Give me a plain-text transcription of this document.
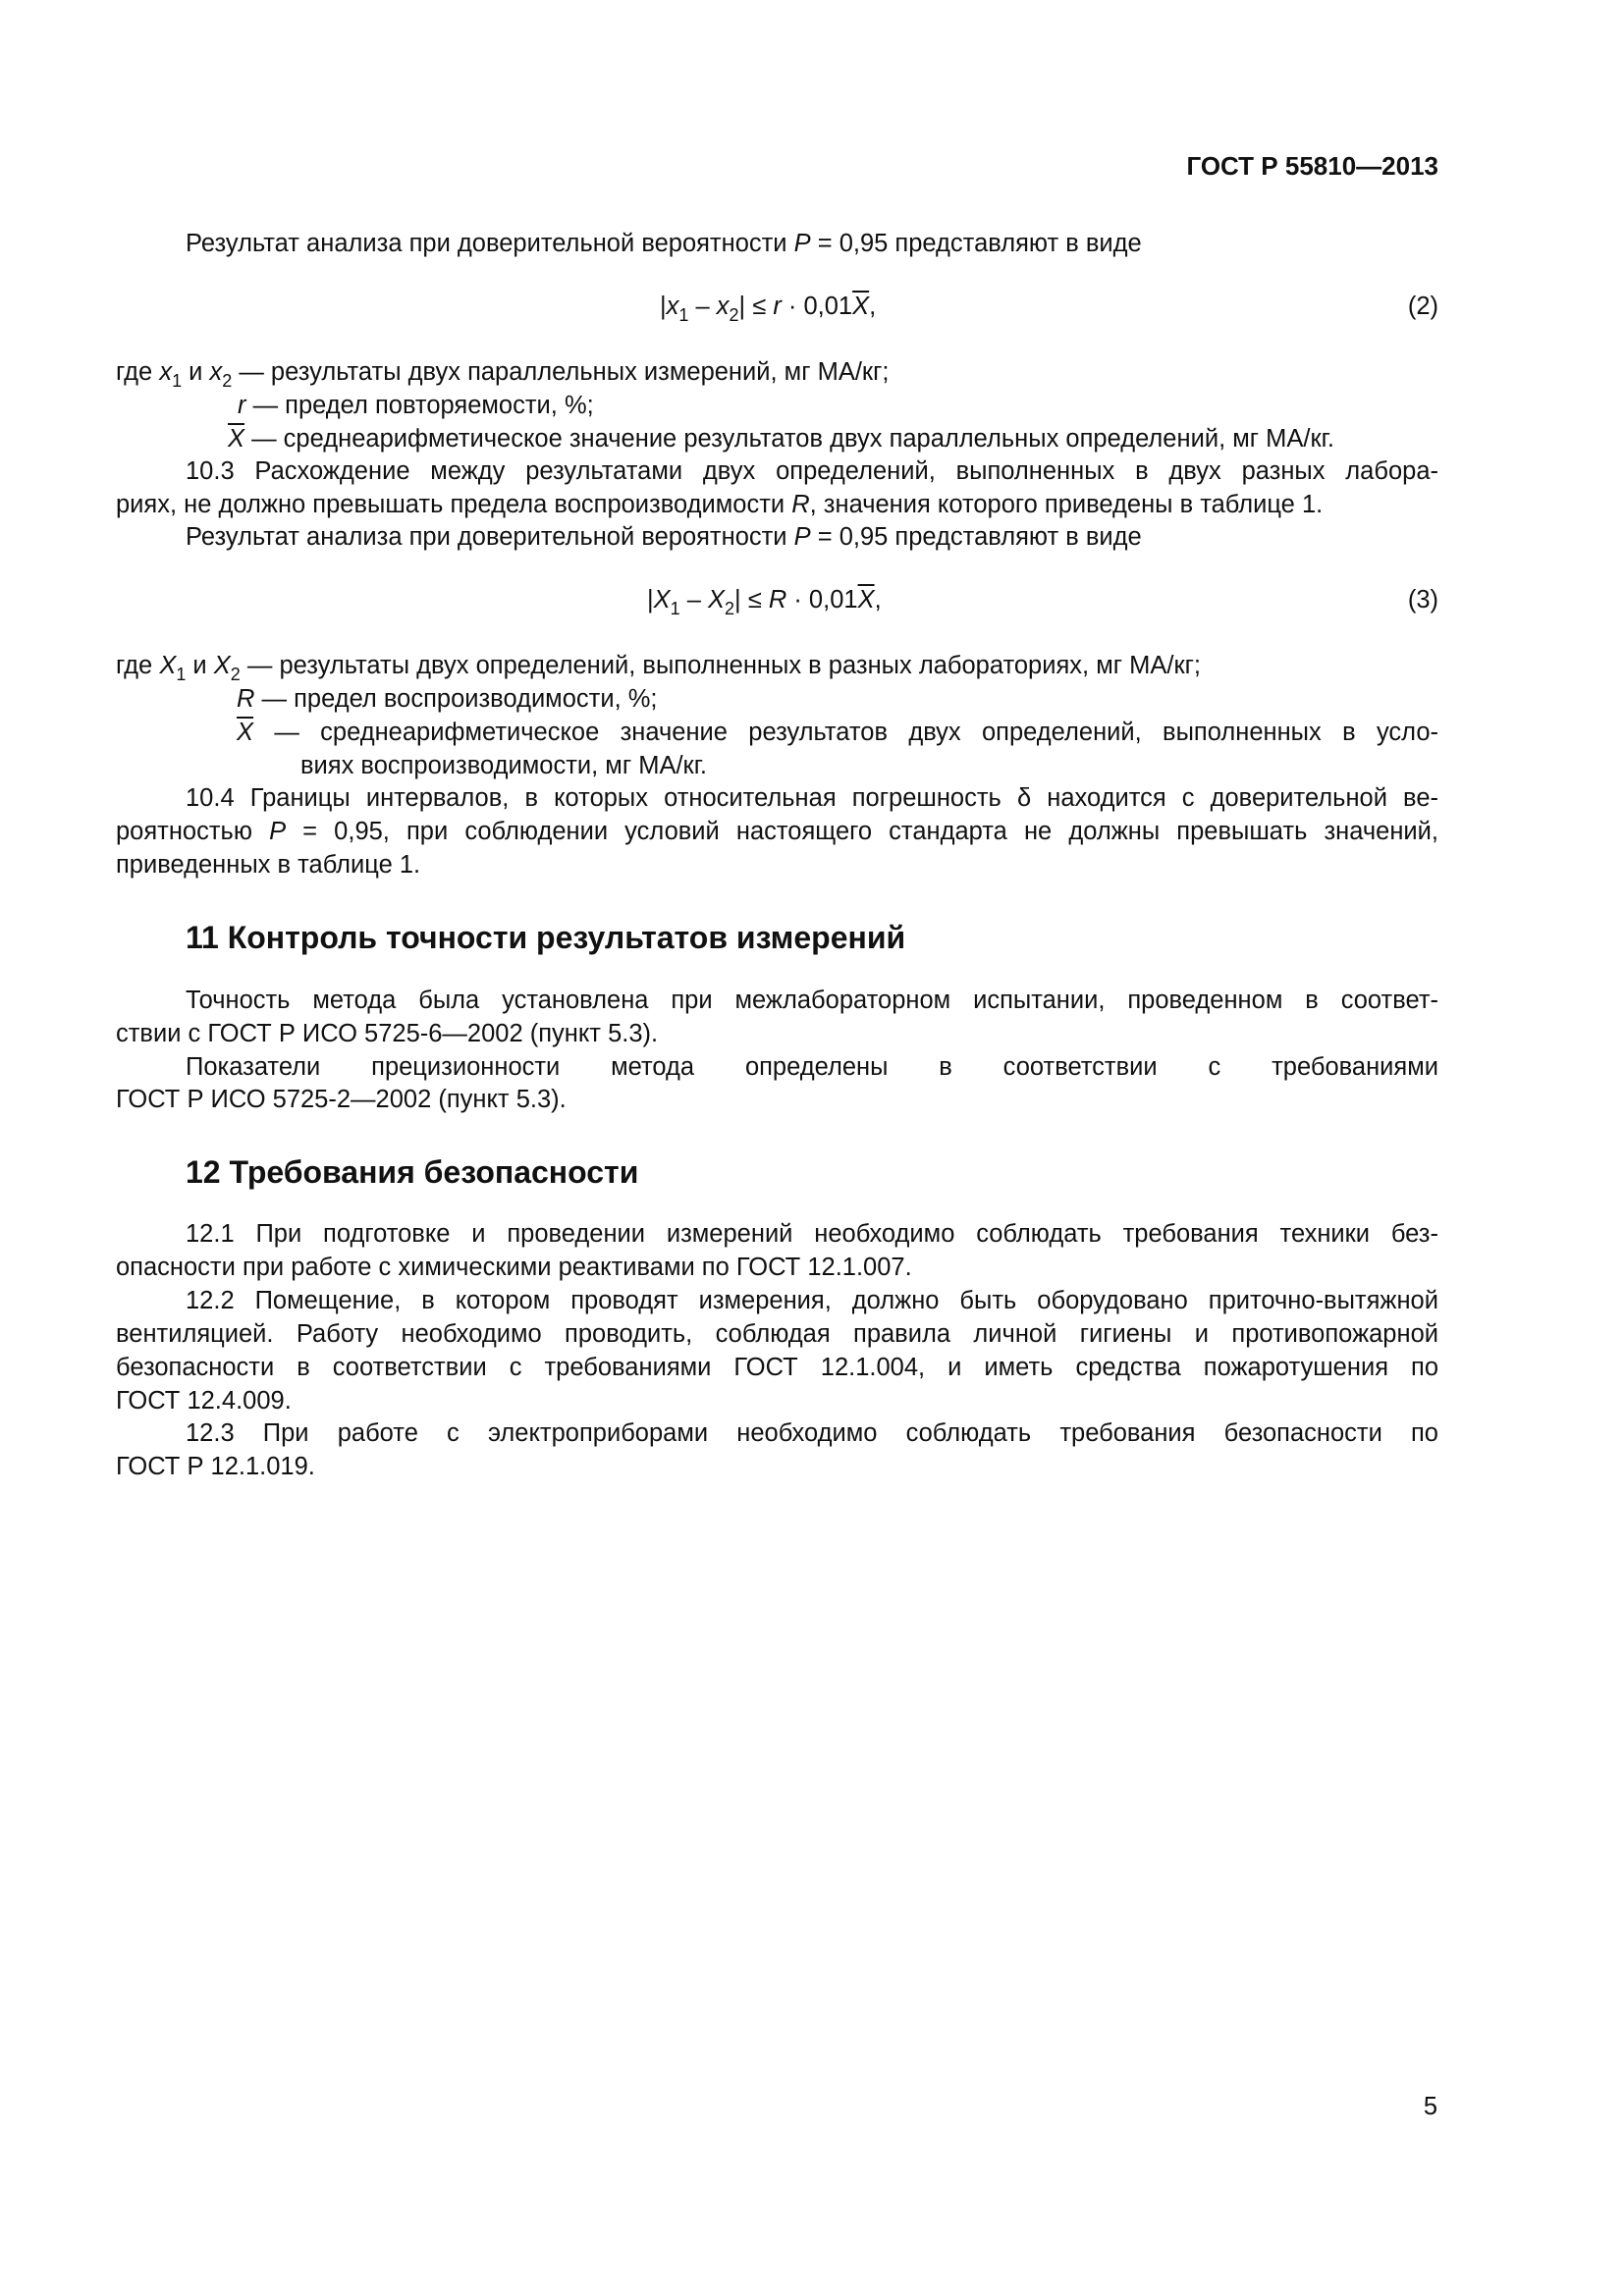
ГОСТ Р 55810—2013
Результат анализа при доверительной вероятности P = 0,95 представляют в виде
$|x_1 - x_2| \le r \cdot 0,01\overline{X}$,	(2)
где $x_1$ и $x_2$ — результаты двух параллельных измерений, мг МА/кг;
r — предел повторяемости, %;
$\overline{X}$ — среднеарифметическое значение результатов двух параллельных определений, мг МА/кг.
10.3 Расхождение между результатами двух определений, выполненных в двух разных лабора-
риях, не должно превышать предела воспроизводимости R, значения которого приведены в таблице 1.
Результат анализа при доверительной вероятности P = 0,95 представляют в виде
$|X_1 - X_2| \le R \cdot 0,01\overline{X}$,	(3)
где $X_1$ и $X_2$ — результаты двух определений, выполненных в разных лабораториях, мг МА/кг;
R — предел воспроизводимости, %;
$\overline{X}$ — среднеарифметическое значение результатов двух определений, выполненных в усло-
виях воспроизводимости, мг МА/кг.
10.4 Границы интервалов, в которых относительная погрешность δ находится с доверительной ве-
роятностью P = 0,95, при соблюдении условий настоящего стандарта не должны превышать значений,
приведенных в таблице 1.
11 Контроль точности результатов измерений
Точность метода была установлена при межлабораторном испытании, проведенном в соответ-
ствии с ГОСТ Р ИСО 5725-6—2002 (пункт 5.3).
Показатели прецизионности метода определены в соответствии с требованиями
ГОСТ Р ИСО 5725-2—2002 (пункт 5.3).
12 Требования безопасности
12.1 При подготовке и проведении измерений необходимо соблюдать требования техники без-
опасности при работе с химическими реактивами по ГОСТ 12.1.007.
12.2 Помещение, в котором проводят измерения, должно быть оборудовано приточно-вытяжной
вентиляцией. Работу необходимо проводить, соблюдая правила личной гигиены и противопожарной
безопасности в соответствии с требованиями ГОСТ 12.1.004, и иметь средства пожаротушения по
ГОСТ 12.4.009.
12.3 При работе с электроприборами необходимо соблюдать требования безопасности по
ГОСТ Р 12.1.019.
5
